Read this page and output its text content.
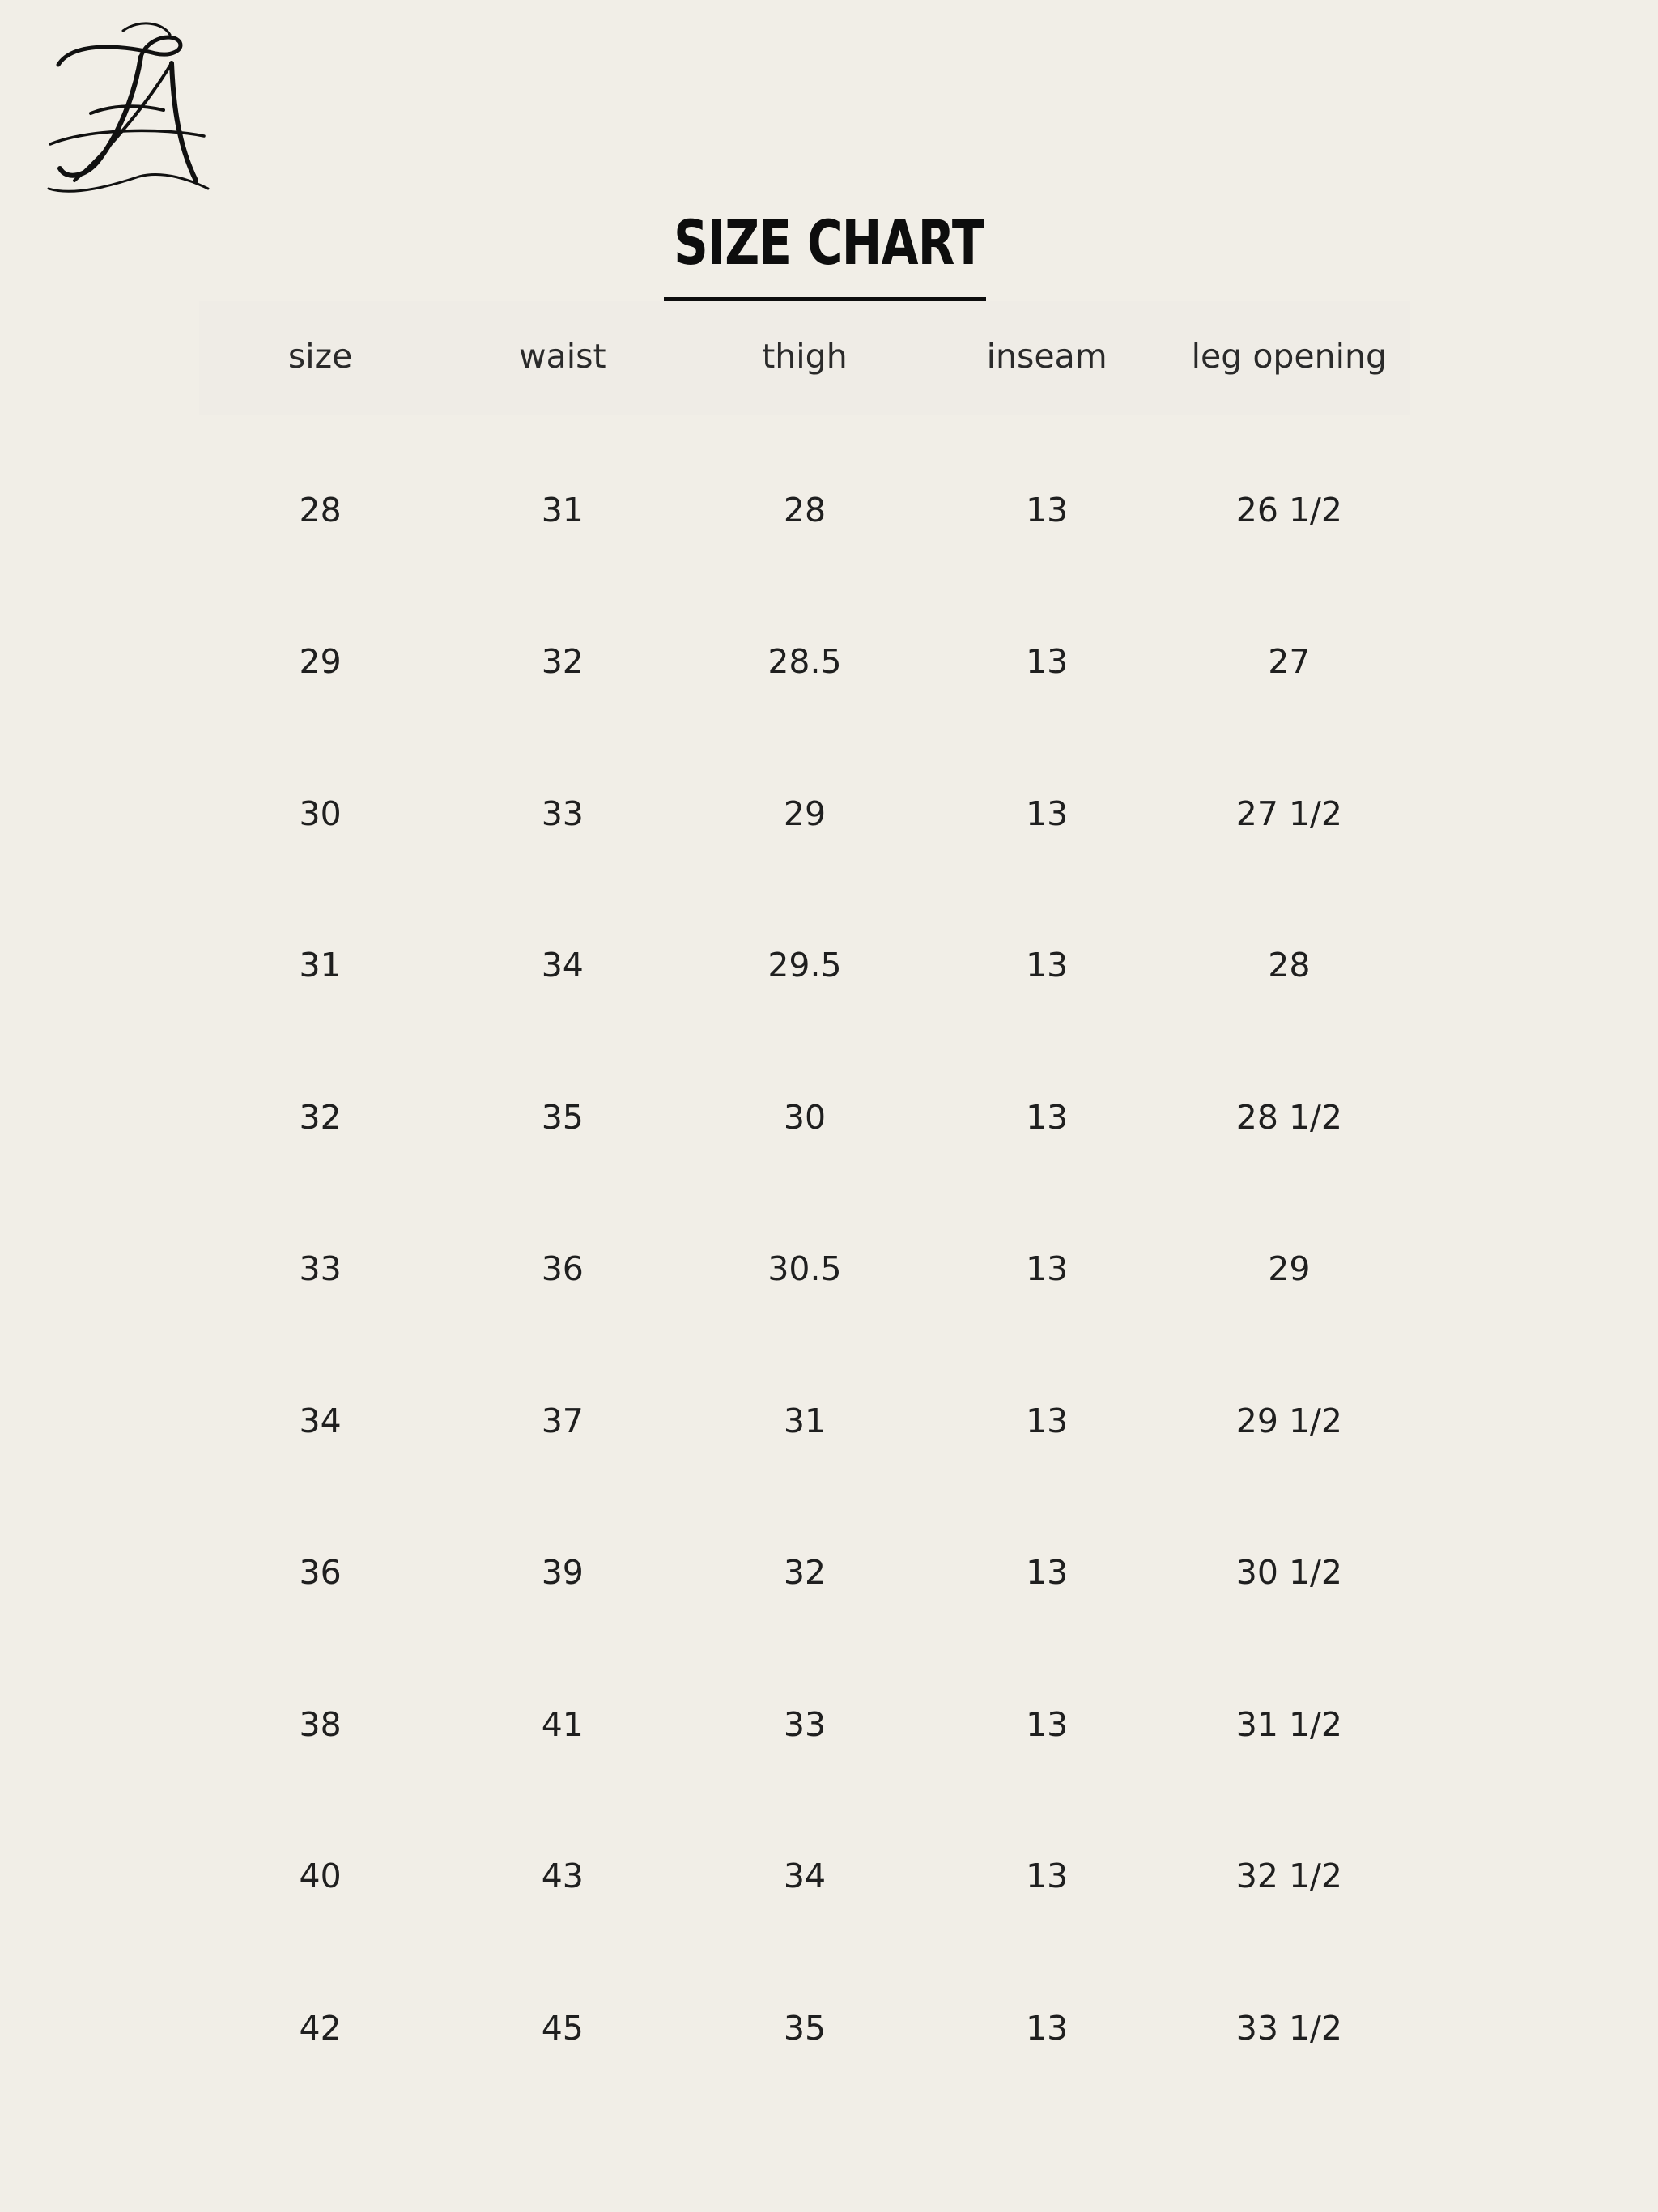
SIZE CHART
size	waist	thigh	inseam	leg opening
28	31	28	13	26 1/2
29	32	28.5	13	27
30	33	29	13	27 1/2
31	34	29.5	13	28
32	35	30	13	28 1/2
33	36	30.5	13	29
34	37	31	13	29 1/2
36	39	32	13	30 1/2
38	41	33	13	31 1/2
40	43	34	13	32 1/2
42	45	35	13	33 1/2
